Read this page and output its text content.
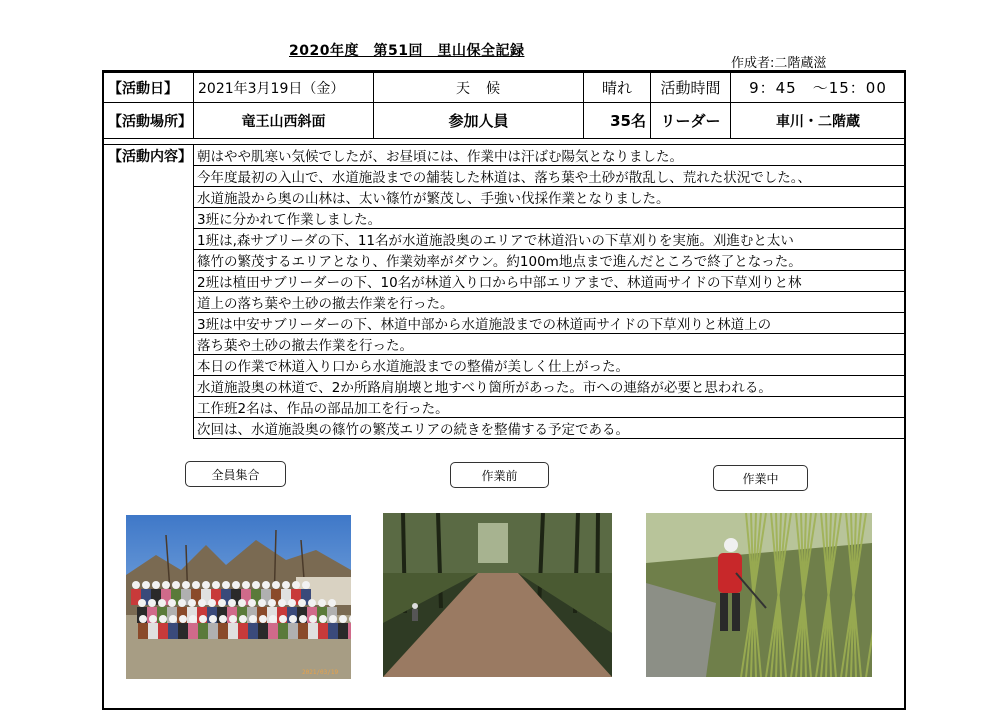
2020年度　第51回　里山保全記録
作成者:二階蔵滋
【活動日】	2021年3月19日（金）	天　候	晴れ	活動時間	9：45　〜15：00
【活動場所】	竜王山西斜面	参加人員	35名	リーダー	車川・二階蔵
【活動内容】	朝はやや肌寒い気候でしたが、お昼頃には、作業中は汗ばむ陽気となりました。
今年度最初の入山で、水道施設までの舗装した林道は、落ち葉や土砂が散乱し、荒れた状況でした。、
水道施設から奥の山林は、太い篠竹が繁茂し、手強い伐採作業となりました。
3班に分かれて作業しました。
1班は,森サブリーダの下、11名が水道施設奥のエリアで林道沿いの下草刈りを実施。刈進むと太い
篠竹の繁茂するエリアとなり、作業効率がダウン。約100m地点まで進んだところで終了となった。
2班は植田サブリーダーの下、10名が林道入り口から中部エリアまで、林道両サイドの下草刈りと林
道上の落ち葉や土砂の撤去作業を行った。
3班は中安サブリーダーの下、林道中部から水道施設までの林道両サイドの下草刈りと林道上の
落ち葉や土砂の撤去作業を行った。
本日の作業で林道入り口から水道施設までの整備が美しく仕上がった。
水道施設奥の林道で、2か所路肩崩壊と地すべり箇所があった。市への連絡が必要と思われる。
工作班2名は、作品の部品加工を行った。
次回は、水道施設奥の篠竹の繁茂エリアの続きを整備する予定である。
全員集合	作業前	作業中
2021/03/19
